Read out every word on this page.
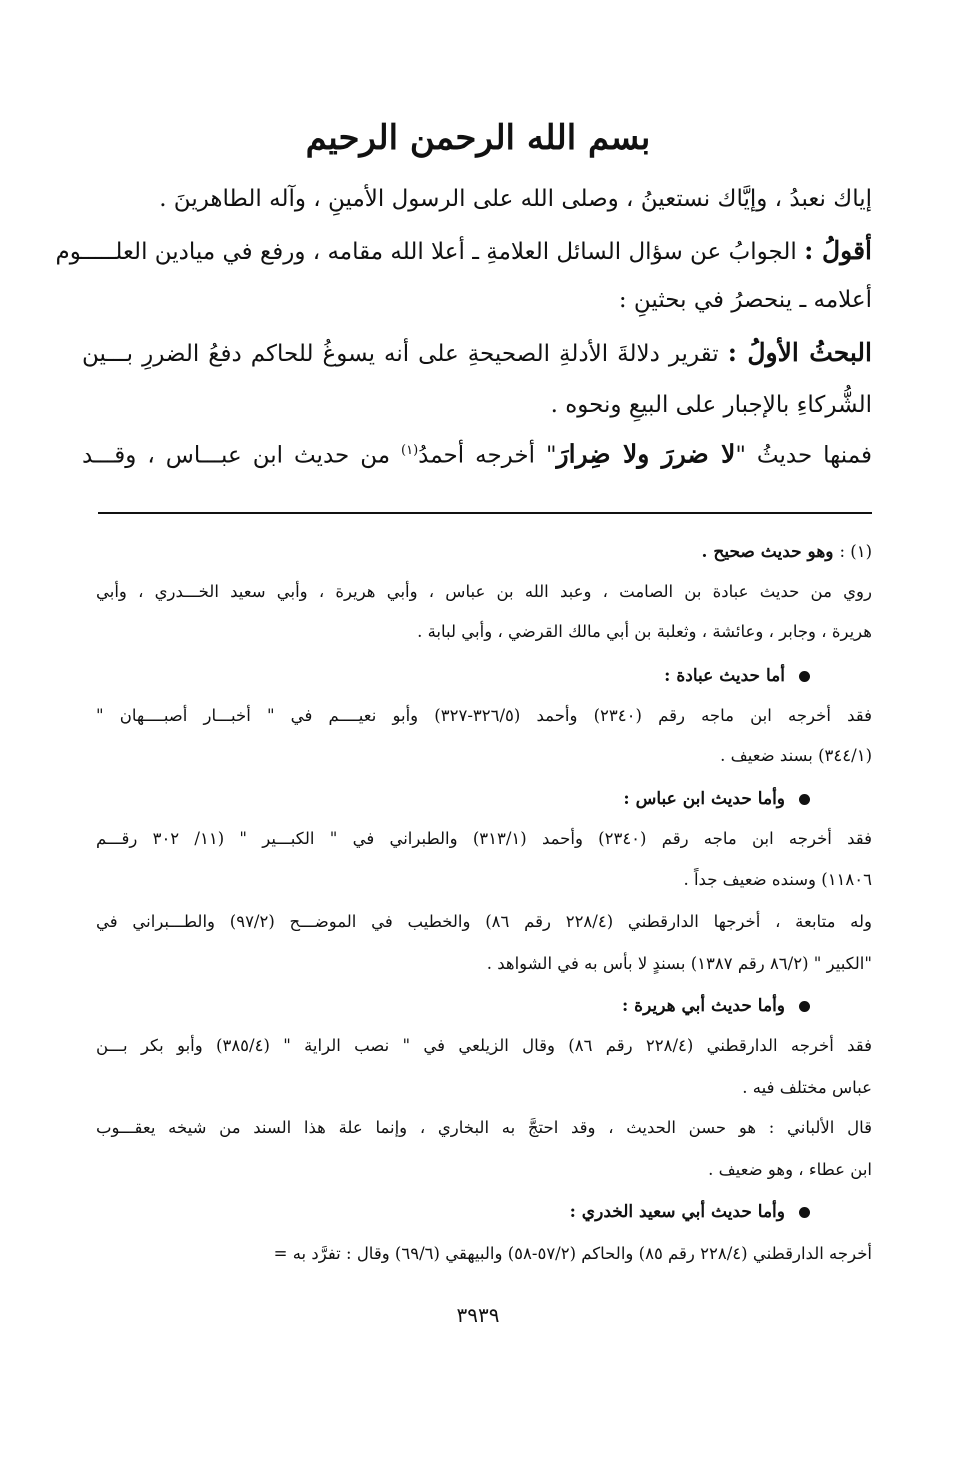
بسم الله الرحمن الرحيم
إياك نعبدُ ، وإيَّاك نستعينُ ، وصلى الله على الرسول الأمينِ ، وآله الطاهرينَ .
أقولُ : الجوابُ عن سؤال السائل العلامةِ ـ أعلا الله مقامه ، ورفع في ميادين العلـــــوم
أعلامه ـ ينحصرُ في بحثينِ :
البحثُ الأولُ : تقرير دلالةَ الأدلةِ الصحيحةِ على أنه يسوغُ للحاكم دفعُ الضررِ بـــين
الشُّركاءِ بالإجبار على البيعِ ونحوه .
فمنها حديثُ "لا ضررَ ولا ضِرارَ" أخرجه أحمدُ$^{(١)}$ من حديث ابن عبـــاس ، وقـــد
(١) : وهو حديث صحيح .
روي من حديث عبادة بن الصامت ، وعبد الله بن عباس ، وأبي هريرة ، وأبي سعيد الخـــدري ، وأبي
هريرة ، وجابر ، وعائشة ، وثعلبة بن أبي مالك القرضي ، وأبي لبابة .
أما حديث عبادة :
فقد أخرجه ابن ماجه رقم (٢٣٤٠) وأحمد (٣٢٦/٥-٣٢٧) وأبو نعيــــم في " أخبـــار أصبــــهان "
(٣٤٤/١) بسند ضعيف .
وأما حديث ابن عباس :
فقد أخرجه ابن ماجه رقم (٢٣٤٠) وأحمد (٣١٣/١) والطبراني في " الكبـــير " (١١/ ٣٠٢ رقـــم
١١٨٠٦) وسنده ضعيف جداً .
وله متابعة ، أخرجها الدارقطني (٢٢٨/٤ رقم ٨٦) والخطيب في الموضـــح (٩٧/٢) والطـــبراني في
"الكبير " (٨٦/٢ رقم ١٣٨٧) بسندٍ لا بأس به في الشواهد .
وأما حديث أبي هريرة :
فقد أخرجه الدارقطني (٢٢٨/٤ رقم ٨٦) وقال الزيلعي في " نصب الراية " (٣٨٥/٤) وأبو بكر بـــن
عباس مختلف فيه .
قال الألباني : هو حسن الحديث ، وقد احتجَّ به البخاري ، وإنما علة هذا السند من شيخه يعقـــوب
ابن عطاء ، وهو ضعيف .
وأما حديث أبي سعيد الخدري :
أخرجه الدارقطني (٢٢٨/٤ رقم ٨٥) والحاكم (٥٧/٢-٥٨) والبيهقي (٦٩/٦) وقال : تفرَّد به =
٣٩٣٩
